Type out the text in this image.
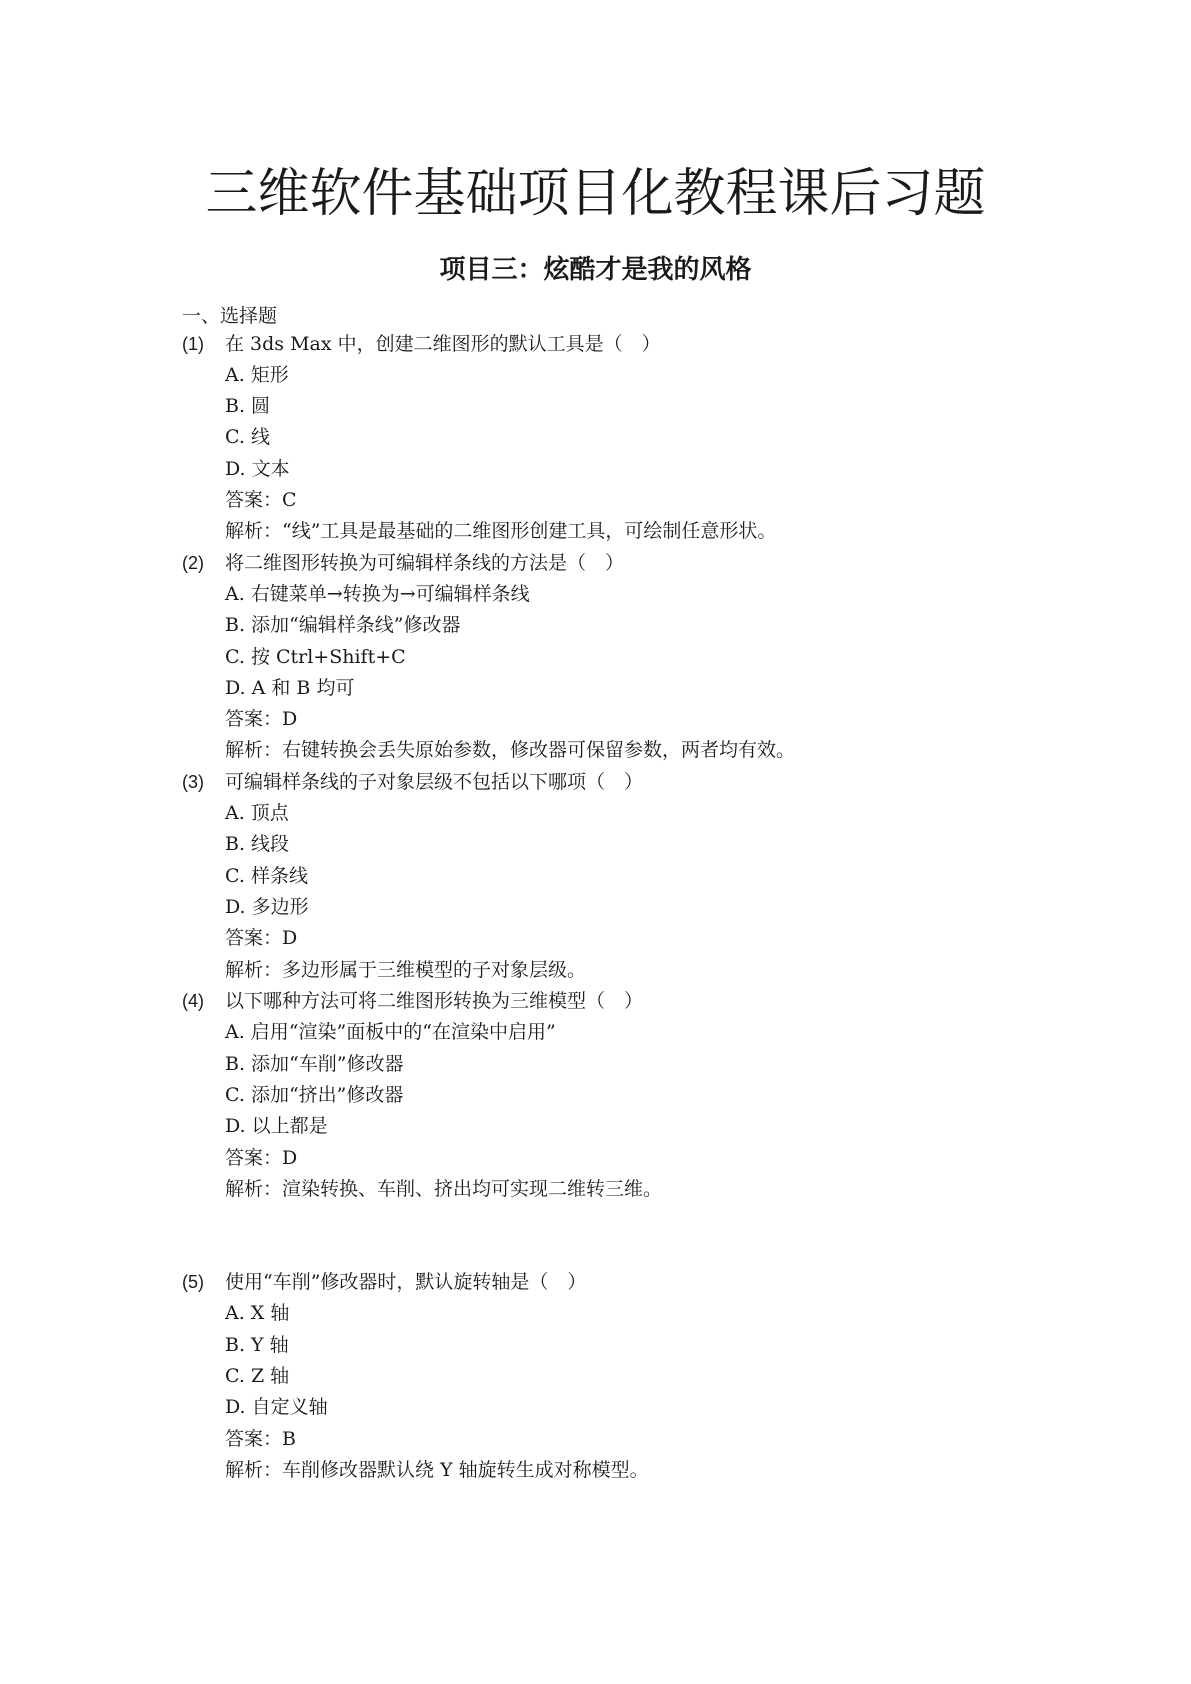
三维软件基础项目化教程课后习题
项目三：炫酷才是我的风格
一、选择题
(1) 在 3ds Max 中，创建二维图形的默认工具是（　）
A. 矩形
B. 圆
C. 线
D. 文本
答案：C
解析：“线”工具是最基础的二维图形创建工具，可绘制任意形状。
(2) 将二维图形转换为可编辑样条线的方法是（　）
A. 右键菜单→转换为→可编辑样条线
B. 添加“编辑样条线”修改器
C. 按 Ctrl+Shift+C
D. A 和 B 均可
答案：D
解析：右键转换会丢失原始参数，修改器可保留参数，两者均有效。
(3) 可编辑样条线的子对象层级不包括以下哪项（　）
A. 顶点
B. 线段
C. 样条线
D. 多边形
答案：D
解析：多边形属于三维模型的子对象层级。
(4) 以下哪种方法可将二维图形转换为三维模型（　）
A. 启用“渲染”面板中的“在渲染中启用”
B. 添加“车削”修改器
C. 添加“挤出”修改器
D. 以上都是
答案：D
解析：渲染转换、车削、挤出均可实现二维转三维。
(5) 使用“车削”修改器时，默认旋转轴是（　）
A. X 轴
B. Y 轴
C. Z 轴
D. 自定义轴
答案：B
解析：车削修改器默认绕 Y 轴旋转生成对称模型。
